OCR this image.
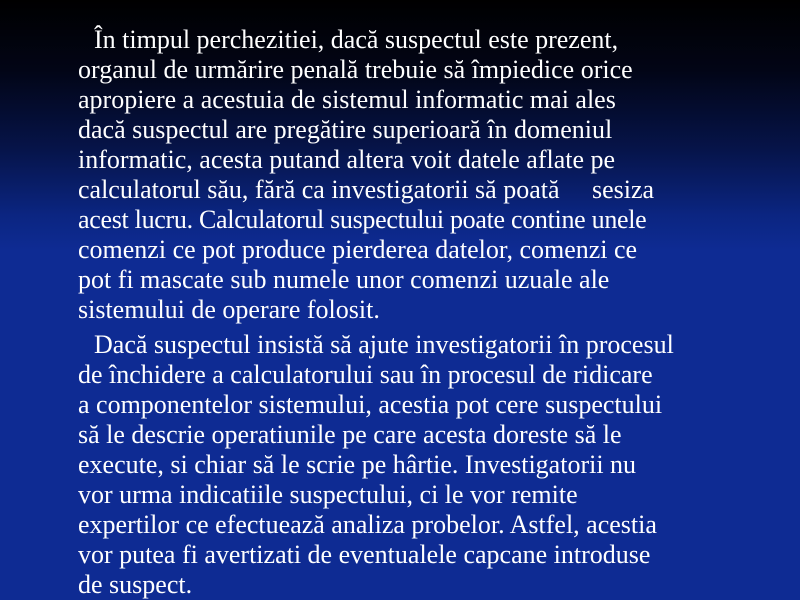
În timpul perchezitiei, dacă suspectul este prezent,

organul de urmărire penală trebuie să împiedice orice

apropiere a acestuia de sistemul informatic mai ales

dacă suspectul are pregătire superioară în domeniul

informatic, acesta putand altera voit datele aflate pe

calculatorul său, fără ca investigatorii să poată     sesiza

acest lucru. Calculatorul suspectului poate contine unele

comenzi ce pot produce pierderea datelor, comenzi ce

pot fi mascate sub numele unor comenzi uzuale ale

sistemului de operare folosit.

Dacă suspectul insistă să ajute investigatorii în procesul

de închidere a calculatorului sau în procesul de ridicare

a componentelor sistemului, acestia pot cere suspectului

să le descrie operatiunile pe care acesta doreste să le

execute, si chiar să le scrie pe hârtie. Investigatorii nu

vor urma indicatiile suspectului, ci le vor remite

expertilor ce efectuează analiza probelor. Astfel, acestia

vor putea fi avertizati de eventualele capcane introduse

de suspect.
